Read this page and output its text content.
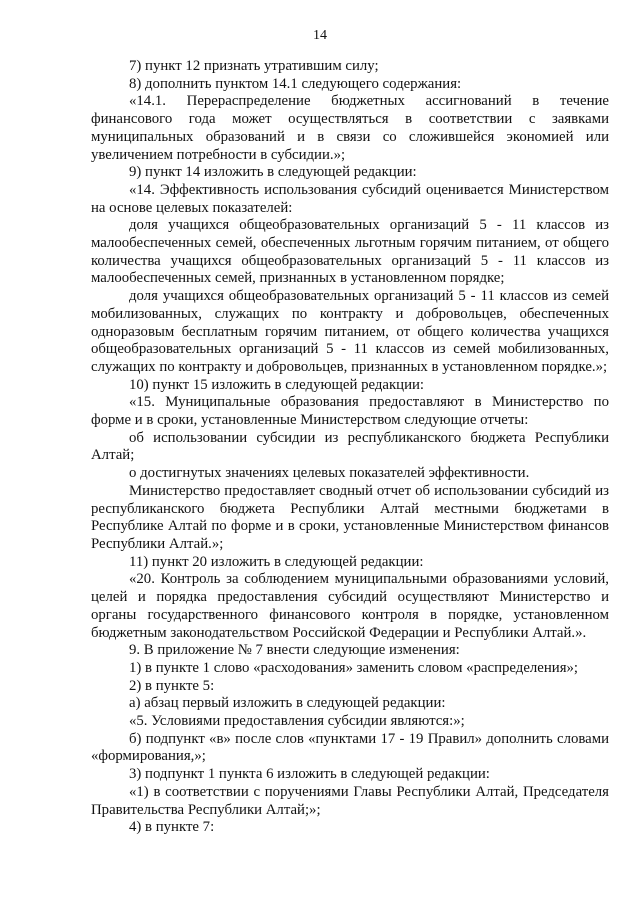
14

7) пункт 12 признать утратившим силу;

8) дополнить пунктом 14.1 следующего содержания:

«14.1. Перераспределение бюджетных ассигнований в течение финансового года может осуществляться в соответствии с заявками муниципальных образований и в связи со сложившейся экономией или увеличением потребности в субсидии.»;

9) пункт 14 изложить в следующей редакции:

«14. Эффективность использования субсидий оценивается Министерством на основе целевых показателей:

доля учащихся общеобразовательных организаций 5 - 11 классов из малообеспеченных семей, обеспеченных льготным горячим питанием, от общего количества учащихся общеобразовательных организаций 5 - 11 классов из малообеспеченных семей, признанных в установленном порядке;

доля учащихся общеобразовательных организаций 5 - 11 классов из семей мобилизованных, служащих по контракту и добровольцев, обеспеченных одноразовым бесплатным горячим питанием, от общего количества учащихся общеобразовательных организаций 5 - 11 классов из семей мобилизованных, служащих по контракту и добровольцев, признанных в установленном порядке.»;

10) пункт 15 изложить в следующей редакции:

«15. Муниципальные образования предоставляют в Министерство по форме и в сроки, установленные Министерством следующие отчеты:

об использовании субсидии из республиканского бюджета Республики Алтай;

о достигнутых значениях целевых показателей эффективности.

Министерство предоставляет сводный отчет об использовании субсидий из республиканского бюджета Республики Алтай местными бюджетами в Республике Алтай по форме и в сроки, установленные Министерством финансов Республики Алтай.»;

11) пункт 20 изложить в следующей редакции:

«20. Контроль за соблюдением муниципальными образованиями условий, целей и порядка предоставления субсидий осуществляют Министерство и органы государственного финансового контроля в порядке, установленном бюджетным законодательством Российской Федерации и Республики Алтай.».

9. В приложение № 7 внести следующие изменения:

1) в пункте 1 слово «расходования» заменить словом «распределения»;

2) в пункте 5:

а) абзац первый изложить в следующей редакции:

«5. Условиями предоставления субсидии являются:»;

б) подпункт «в» после слов «пунктами 17 - 19 Правил» дополнить словами «формирования,»;

3) подпункт 1 пункта 6 изложить в следующей редакции:

«1) в соответствии с поручениями Главы Республики Алтай, Председателя Правительства Республики Алтай;»;

4) в пункте 7:
